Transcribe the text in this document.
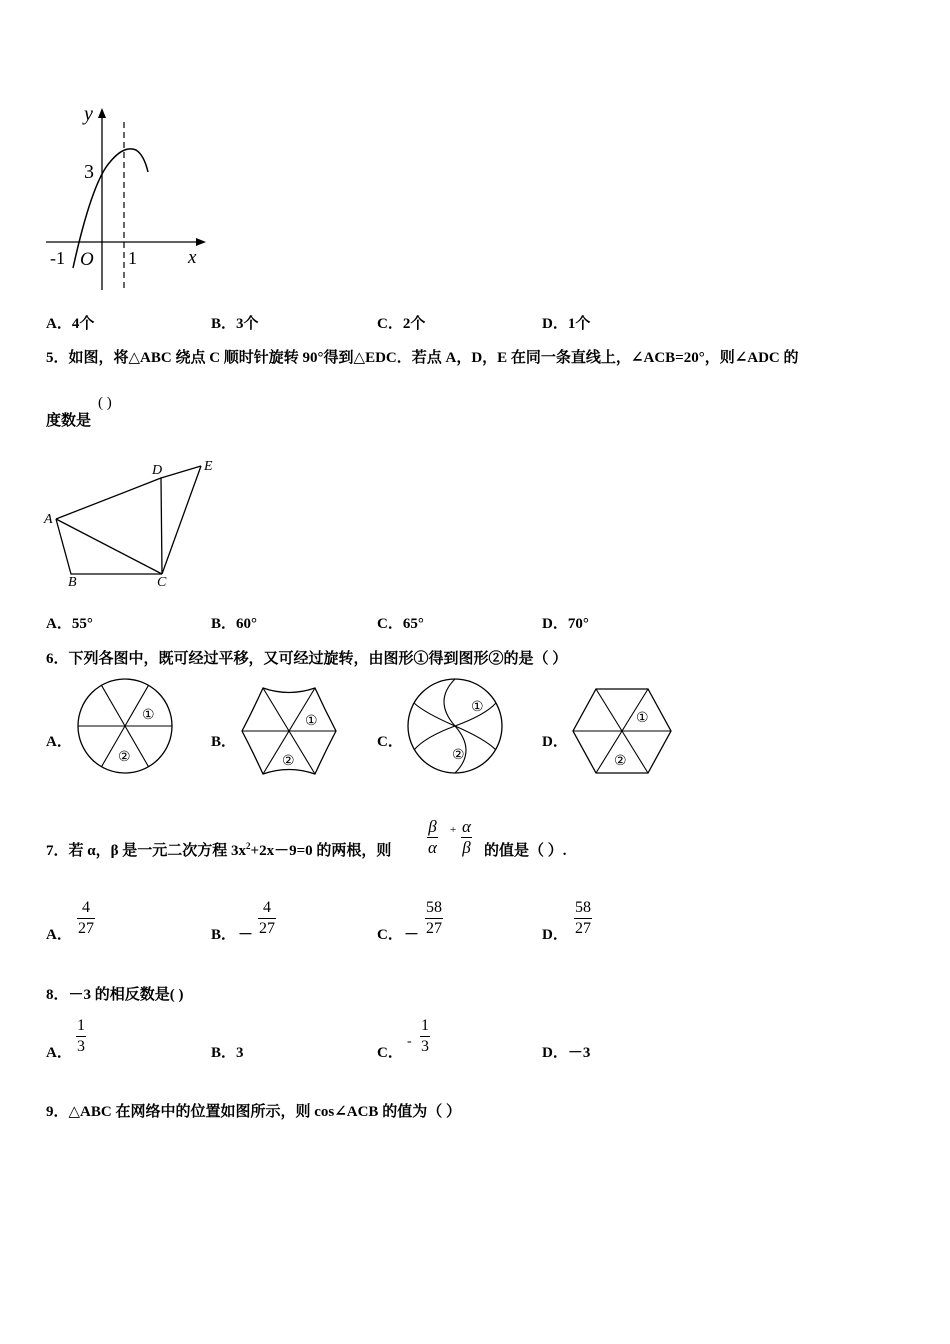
y
x
3
-1 O 1
A．4个	B．3个	C．2个	D．1个
5．如图，将△ABC 绕点 C 顺时针旋转 90°得到△EDC．若点 A，D，E 在同一条直线上，∠ACB=20°，则∠ADC 的
度数是
( )
A
B	C
D	E
A．55°	B．60°	C．65°	D．70°
6．下列各图中，既可经过平移，又可经过旋转，由图形①得到图形②的是（ ）
A．
①
②
B．
①
②
C．
①
②
D．
①
②
7．若 α，β 是一元二次方程 $3x^2+2x-9=0$ 的两根，则
β
α
+ α
β 的值是（ ）.
A．
4
27	B． －
4
27	C． －
58
27	D．
58
27
8．－3 的相反数是( )
A．
1
3	B．3	C．
-
1
3	D．－3
9．△ABC 在网络中的位置如图所示，则 cos∠ACB 的值为（ ）
